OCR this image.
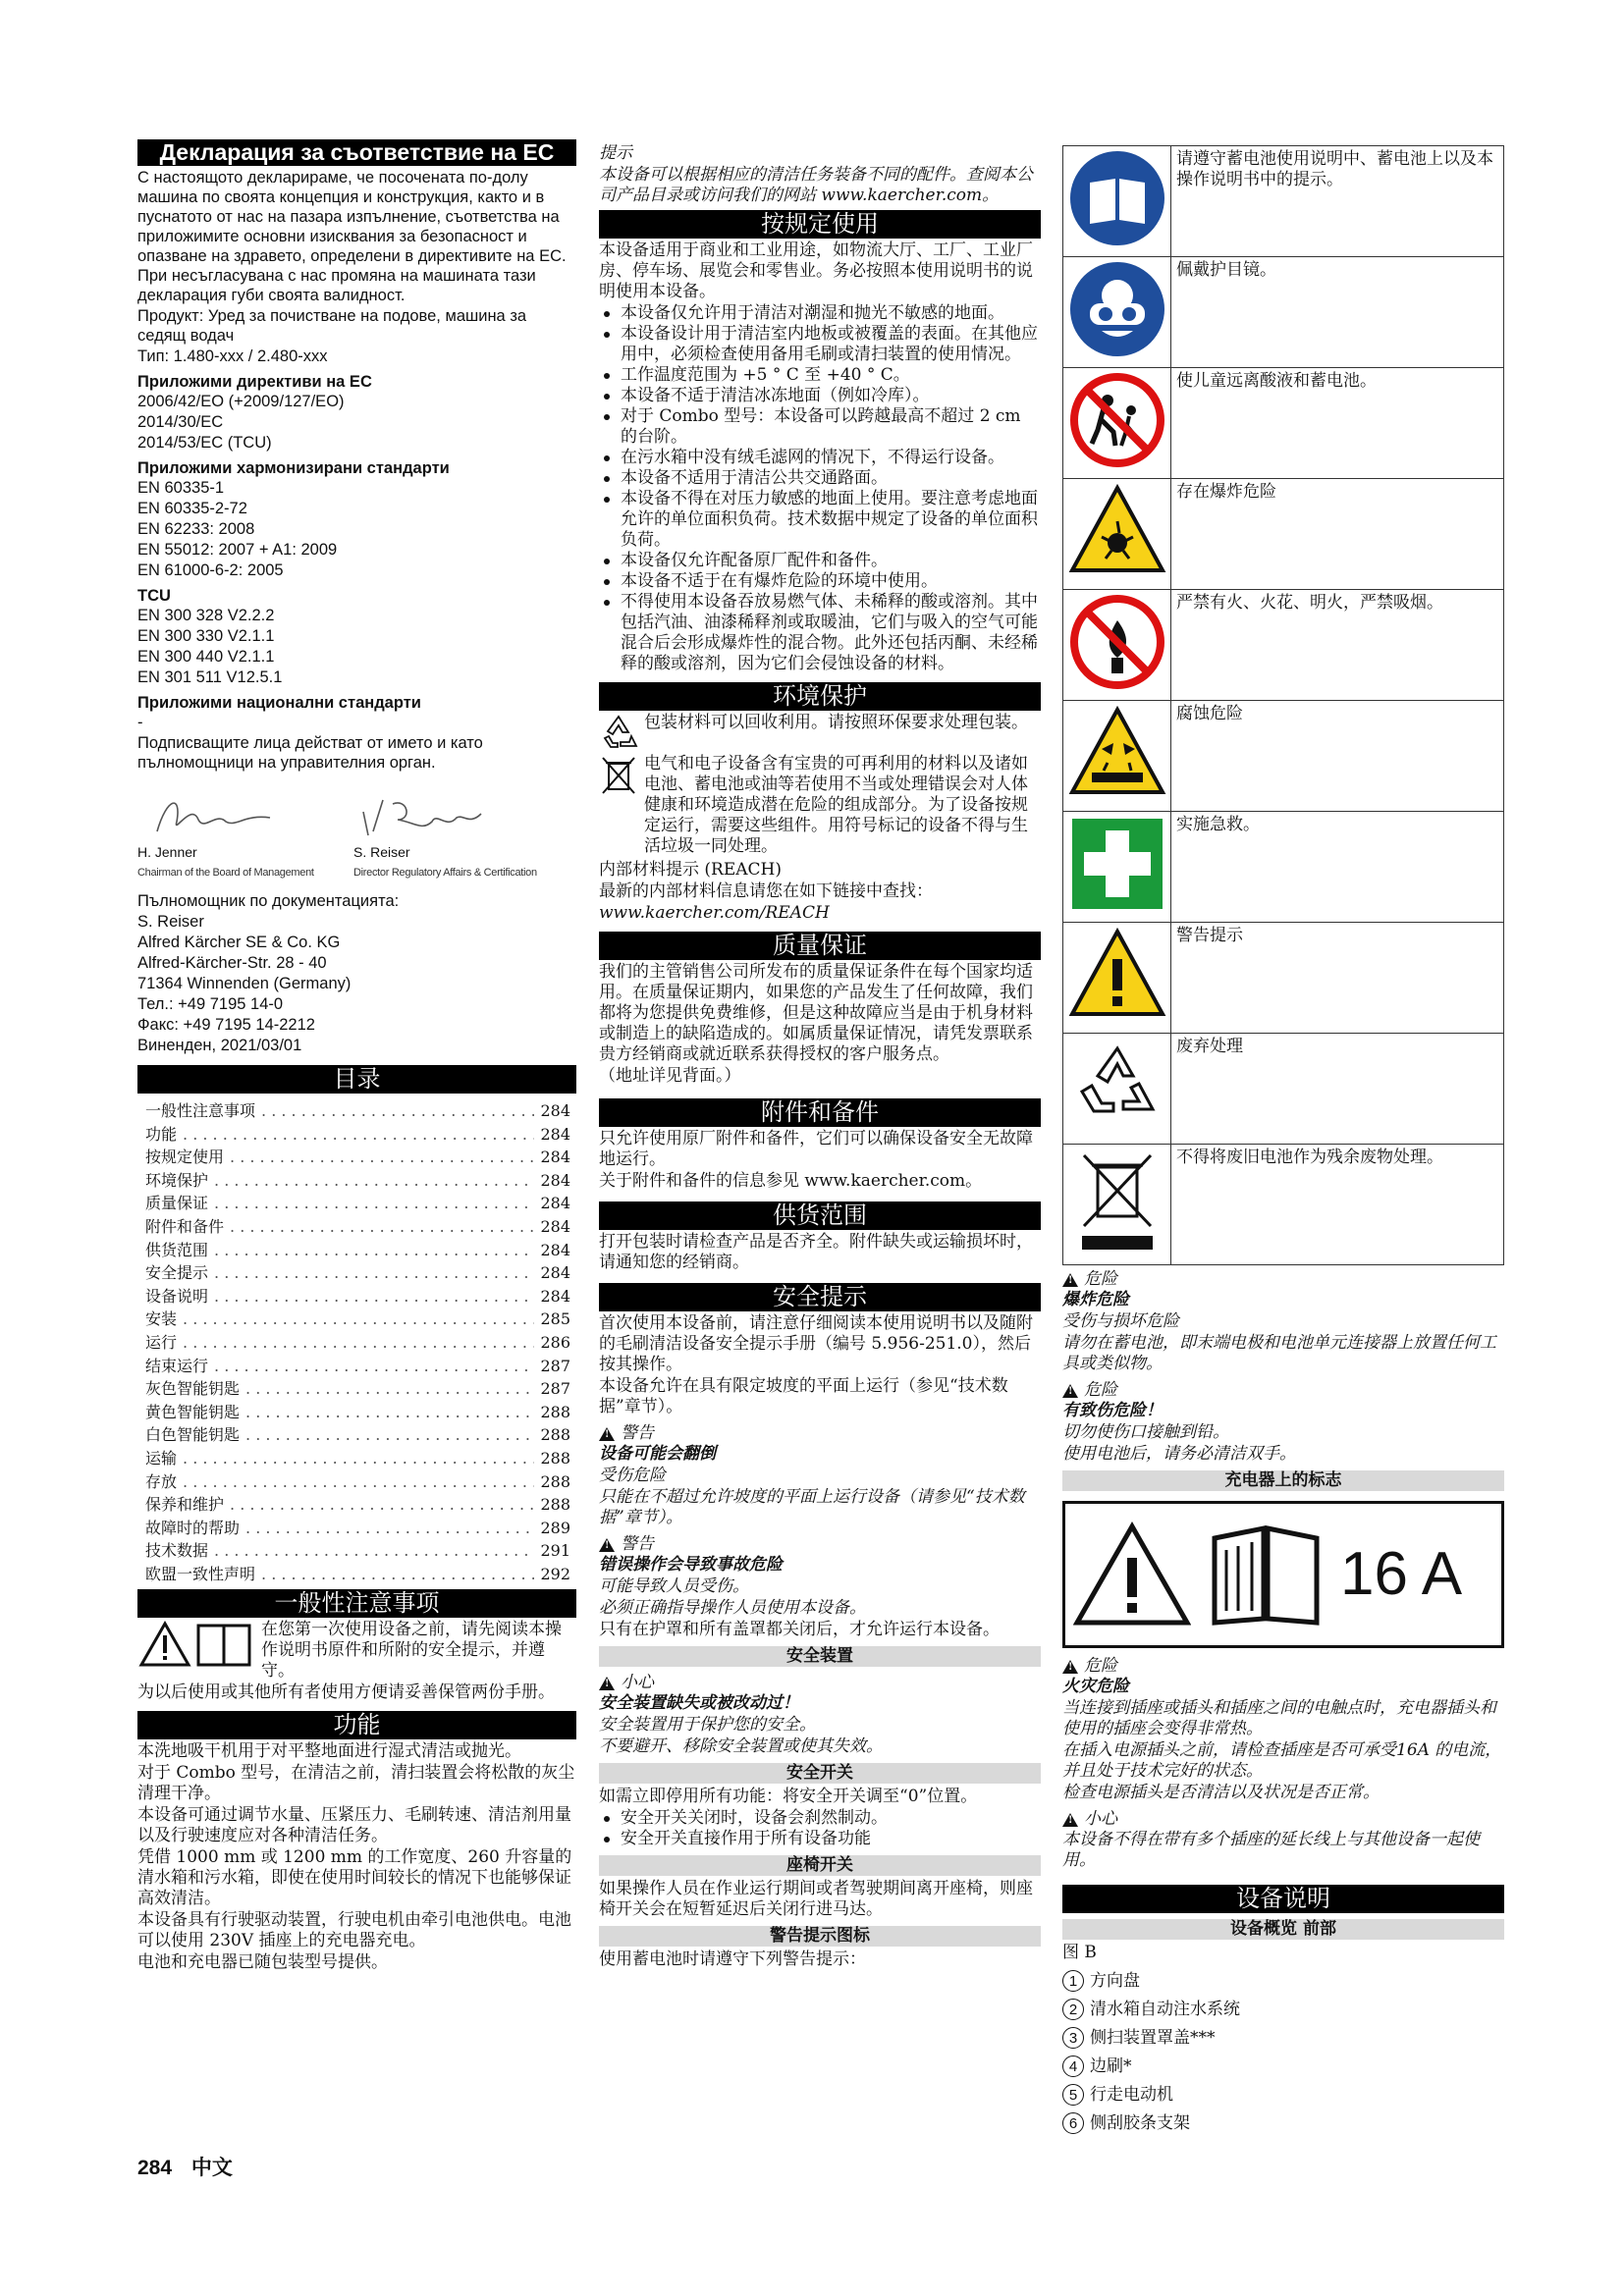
Декларация за съответствие на ЕС

С настоящото декларираме, че посочената по-долу машина по своята концепция и конструкция, както и в пуснатото от нас на пазара изпълнение, съответства на приложимите основни изисквания за безопасност и опазване на здравето, определени в директивите на ЕС. При несъгласувана с нас промяна на машината тази декларация губи своята валидност.

Продукт: Уред за почистване на подове, машина за седящ водач

Тип: 1.480-xxx / 2.480-xxx

Приложими директиви на ЕС

2006/42/EO (+2009/127/EO)

2014/30/EC

2014/53/EC (TCU)

Приложими хармонизирани стандарти

EN 60335-1

EN 60335-2-72

EN 62233: 2008

EN 55012: 2007 + A1: 2009

EN 61000-6-2: 2005

TCU

EN 300 328 V2.2.2

EN 300 330 V2.1.1

EN 300 440 V2.1.1

EN 301 511 V12.5.1

Приложими национални стандарти

-

Подписващите лица действат от името и като пълномощници на управителния орган.

H. Jenner
Chairman of the Board of Management
S. Reiser
Director Regulatory Affairs & Certification

Пълномощник по документацията:

S. Reiser

Alfred Kärcher SE & Co. KG

Alfred-Kärcher-Str. 28 - 40

71364 Winnenden (Germany)

Тел.: +49 7195 14-0

Факс: +49 7195 14-2212

Виненден, 2021/03/01

目录
一般性注意事项 . . .	284
功能 . . .	284
按规定使用 . . .	284
环境保护 . . .	284
质量保证 . . .	284
附件和备件 . . .	284
供货范围 . . .	284
安全提示 . . .	284
设备说明 . . .	284
安装 . . .	285
运行 . . .	286
结束运行 . . .	287
灰色智能钥匙 . . .	287
黄色智能钥匙 . . .	288
白色智能钥匙 . . .	288
运输 . . .	288
存放 . . .	288
保养和维护 . . .	288
故障时的帮助 . . .	289
技术数据 . . .	291
欧盟一致性声明 . . .	292
一般性注意事项

在您第一次使用设备之前，请先阅读本操作说明书原件和所附的安全提示，并遵守。

为以后使用或其他所有者使用方便请妥善保管两份手册。

功能

本洗地吸干机用于对平整地面进行湿式清洁或抛光。

对于 Combo 型号，在清洁之前，清扫装置会将松散的灰尘清理干净。

本设备可通过调节水量、压紧压力、毛刷转速、清洁剂用量以及行驶速度应对各种清洁任务。

凭借 1000 mm 或 1200 mm 的工作宽度、260 升容量的清水箱和污水箱，即使在使用时间较长的情况下也能够保证高效清洁。

本设备具有行驶驱动装置，行驶电机由牵引电池供电。电池可以使用 230V 插座上的充电器充电。

电池和充电器已随包装型号提供。

提示

本设备可以根据相应的清洁任务装备不同的配件。查阅本公司产品目录或访问我们的网站 www.kaercher.com。

按规定使用

本设备适用于商业和工业用途，如物流大厅、工厂、工业厂房、停车场、展览会和零售业。务必按照本使用说明书的说明使用本设备。

本设备仅允许用于清洁对潮湿和抛光不敏感的地面。
本设备设计用于清洁室内地板或被覆盖的表面。在其他应用中，必须检查使用备用毛刷或清扫装置的使用情况。
工作温度范围为 +5 ° C 至 +40 ° C。
本设备不适于清洁冰冻地面（例如冷库）。
对于 Combo 型号：本设备可以跨越最高不超过 2 cm 的台阶。
在污水箱中没有绒毛滤网的情况下，不得运行设备。
本设备不适用于清洁公共交通路面。
本设备不得在对压力敏感的地面上使用。要注意考虑地面允许的单位面积负荷。技术数据中规定了设备的单位面积负荷。
本设备仅允许配备原厂配件和备件。
本设备不适于在有爆炸危险的环境中使用。
不得使用本设备吞放易燃气体、未稀释的酸或溶剂。其中包括汽油、油漆稀释剂或取暖油，它们与吸入的空气可能混合后会形成爆炸性的混合物。此外还包括丙酮、未经稀释的酸或溶剂，因为它们会侵蚀设备的材料。
环境保护

包装材料可以回收利用。请按照环保要求处理包装。

电气和电子设备含有宝贵的可再利用的材料以及诸如电池、蓄电池或油等若使用不当或处理错误会对人体健康和环境造成潜在危险的组成部分。为了设备按规定运行，需要这些组件。用符号标记的设备不得与生活垃圾一同处理。

内部材料提示 (REACH)

最新的内部材料信息请您在如下链接中查找：

www.kaercher.com/REACH

质量保证

我们的主管销售公司所发布的质量保证条件在每个国家均适用。在质量保证期内，如果您的产品发生了任何故障，我们都将为您提供免费维修，但是这种故障应当是由于机身材料或制造上的缺陷造成的。如属质量保证情况，请凭发票联系贵方经销商或就近联系获得授权的客户服务点。

（地址详见背面。）

附件和备件

只允许使用原厂附件和备件，它们可以确保设备安全无故障地运行。

关于附件和备件的信息参见 www.kaercher.com。

供货范围

打开包装时请检查产品是否齐全。附件缺失或运输损坏时，请通知您的经销商。

安全提示

首次使用本设备前，请注意仔细阅读本使用说明书以及随附的毛刷清洁设备安全提示手册（编号 5.956-251.0），然后按其操作。

本设备允许在具有限定坡度的平面上运行（参见“技术数据”章节）。

!
警告

设备可能会翻倒

受伤危险

只能在不超过允许坡度的平面上运行设备（请参见“技术数据”章节）。

!
警告

错误操作会导致事故危险

可能导致人员受伤。

必须正确指导操作人员使用本设备。

只有在护罩和所有盖罩都关闭后，才允许运行本设备。

安全装置
!
小心

安全装置缺失或被改动过！

安全装置用于保护您的安全。

不要避开、移除安全装置或使其失效。

安全开关

如需立即停用所有功能：将安全开关调至“0”位置。

安全开关关闭时，设备会刹然制动。
安全开关直接作用于所有设备功能
座椅开关

如果操作人员在作业运行期间或者驾驶期间离开座椅，则座椅开关会在短暂延迟后关闭行进马达。

警告提示图标

使用蓄电池时请遵守下列警告提示：

	请遵守蓄电池使用说明中、蓄电池上以及本操作说明书中的提示。
	佩戴护目镜。
	使儿童远离酸液和蓄电池。
	存在爆炸危险
	严禁有火、火花、明火，严禁吸烟。
	腐蚀危险
	实施急救。
	警告提示
	废弃处理
	不得将废旧电池作为残余废物处理。
!
危险

爆炸危险

受伤与损坏危险

请勿在蓄电池，即末端电极和电池单元连接器上放置任何工具或类似物。

!
危险

有致伤危险！

切勿使伤口接触到铅。

使用电池后，请务必清洁双手。

充电器上的标志
16 A
!
危险

火灾危险

当连接到插座或插头和插座之间的电触点时，充电器插头和使用的插座会变得非常热。

在插入电源插头之前，请检查插座是否可承受16A 的电流，并且处于技术完好的状态。

检查电源插头是否清洁以及状况是否正常。

!
小心

本设备不得在带有多个插座的延长线上与其他设备一起使用。

设备说明
设备概览 前部

图 B

1 方向盘
2 清水箱自动注水系统
3 侧扫装置罩盖***
4 边刷*
5 行走电动机
6 侧刮胶条支架
284 中文
